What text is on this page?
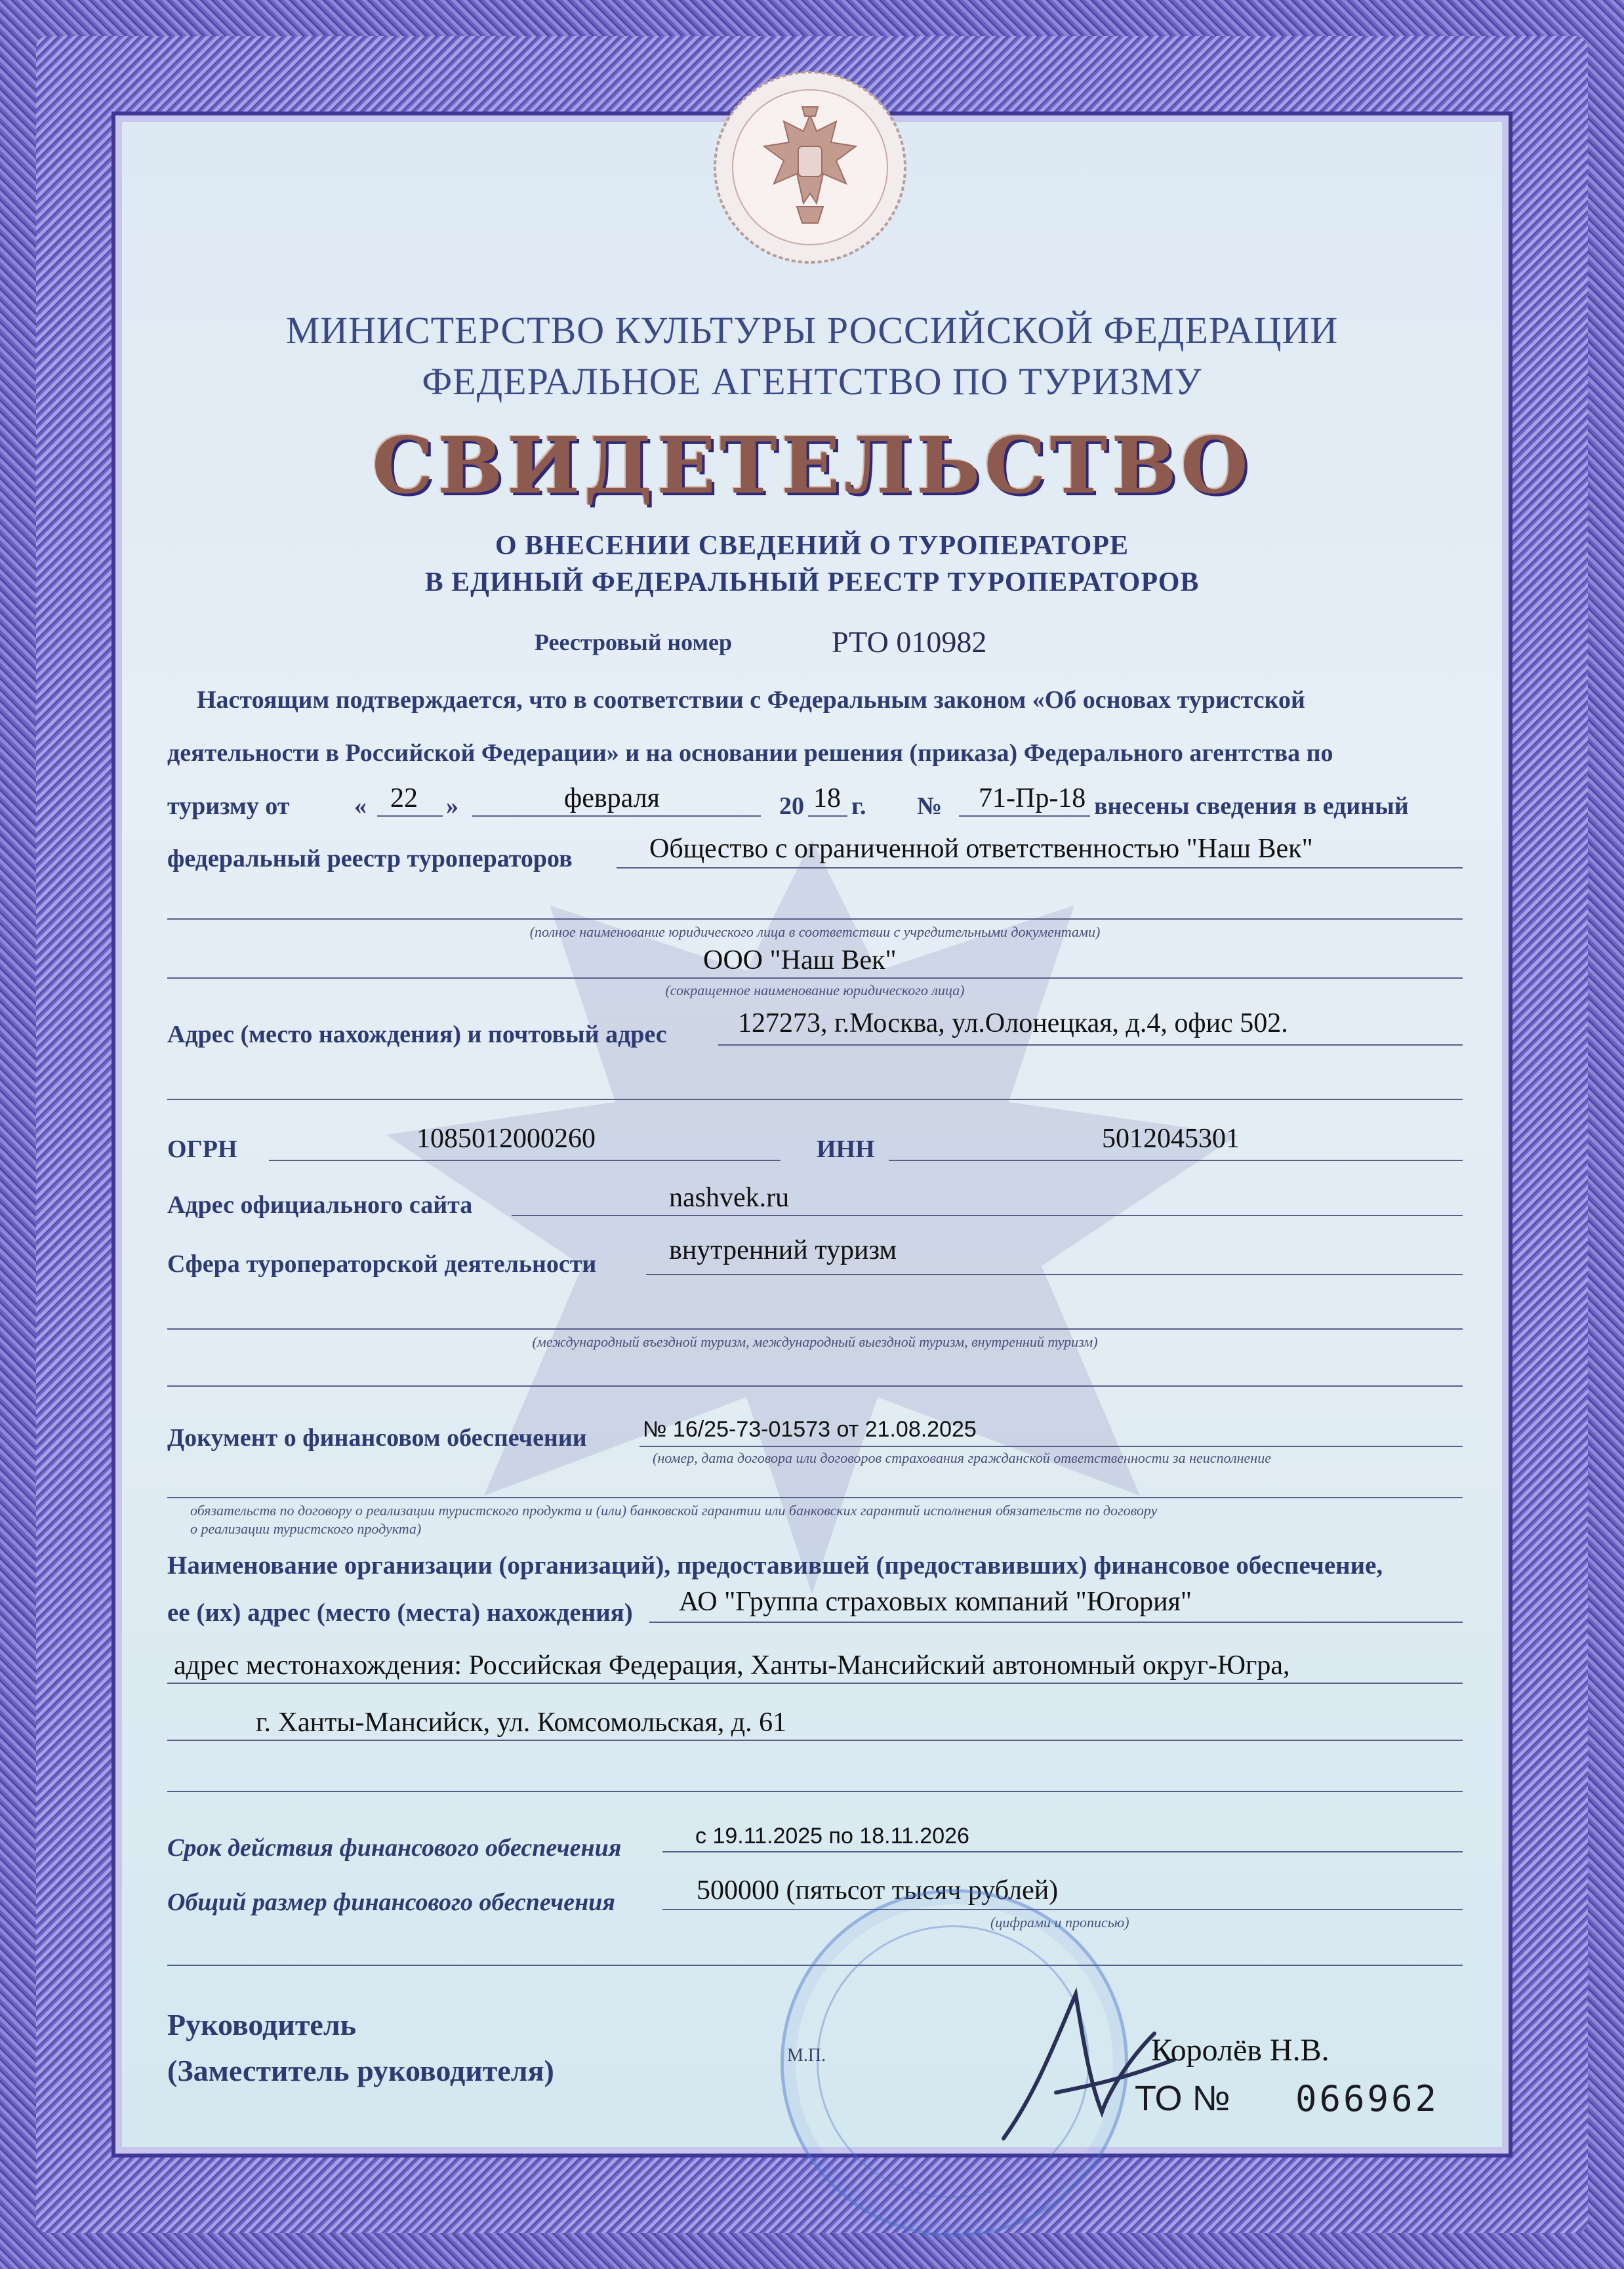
МИНИСТЕРСТВО КУЛЬТУРЫ РОССИЙСКОЙ ФЕДЕРАЦИИ
ФЕДЕРАЛЬНОЕ АГЕНТСТВО ПО ТУРИЗМУ
СВИДЕТЕЛЬСТВО
О ВНЕСЕНИИ СВЕДЕНИЙ О ТУРОПЕРАТОРЕ
В ЕДИНЫЙ ФЕДЕРАЛЬНЫЙ РЕЕСТР ТУРОПЕРАТОРОВ
Реестровый номер	РТО 010982
Настоящим подтверждается, что в соответствии с Федеральным законом «Об основах туристской
деятельности в Российской Федерации» и на основании решения (приказа) Федерального агентства по
туризму от	« 22 »	февраля	20 18 г. № 71-Пр-18 внесены сведения в единый
федеральный реестр туроператоров	Общество с ограниченной ответственностью "Наш Век"
(полное наименование юридического лица в соответствии с учредительными документами)
ООО "Наш Век"
(сокращенное наименование юридического лица)
Адрес (место нахождения) и почтовый адрес	127273, г.Москва, ул.Олонецкая, д.4, офис 502.
ОГРН	1085012000260	ИНН	5012045301
Адрес официального сайта	nashvek.ru
Сфера туроператорской деятельности	внутренний туризм
(международный въездной туризм, международный выездной туризм, внутренний туризм)
Документ о финансовом обеспечении	№ 16/25-73-01573 от 21.08.2025
(номер, дата договора или договоров страхования гражданской ответственности за неисполнение
обязательств по договору о реализации туристского продукта и (или) банковской гарантии или банковских гарантий исполнения обязательств по договору
о реализации туристского продукта)
Наименование организации (организаций), предоставившей (предоставивших) финансовое обеспечение,
ее (их) адрес (место (места) нахождения) АО "Группа страховых компаний "Югория"
адрес местонахождения: Российская Федерация, Ханты-Мансийский автономный округ-Югра,
г. Ханты-Мансийск, ул. Комсомольская, д. 61
Срок действия финансового обеспечения	с 19.11.2025 по 18.11.2026
Общий размер финансового обеспечения	500000 (пятьсот тысяч рублей)
(цифрами и прописью)
Руководитель
(Заместитель руководителя)	М.П.	Королёв Н.В.
ТО № 066962
